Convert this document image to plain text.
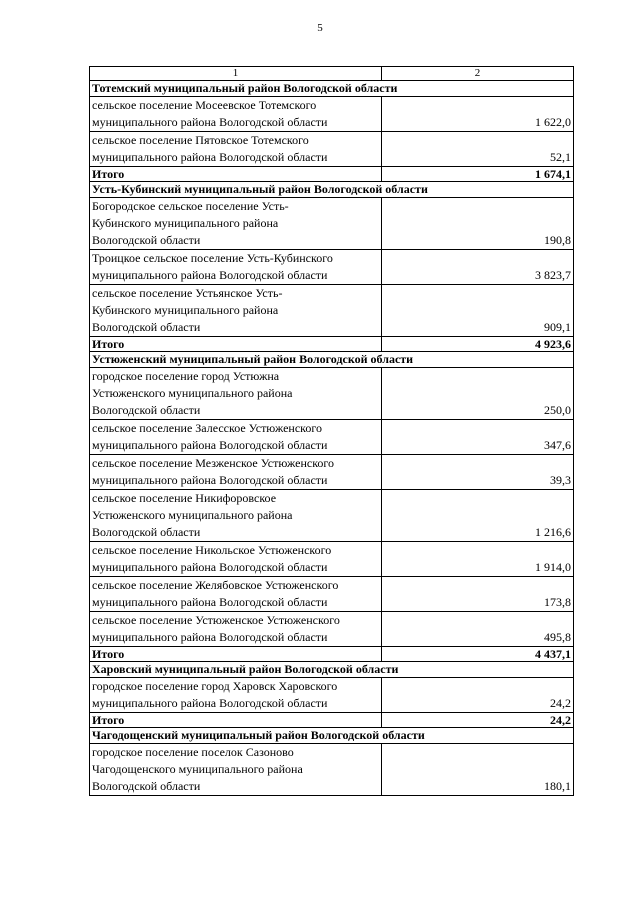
5
1	2
Тотемский муниципальный район Вологодской области	
сельское поселение Мосеевское Тотемского
муниципального района Вологодской области	1 622,0
сельское поселение Пятовское Тотемского
муниципального района Вологодской области	52,1
Итого	1 674,1
Усть-Кубинский муниципальный район Вологодской области	
Богородское сельское поселение Усть-
Кубинского муниципального района
Вологодской области	190,8
Троицкое сельское поселение Усть-Кубинского
муниципального района Вологодской области	3 823,7
сельское поселение Устьянское Усть-
Кубинского муниципального района
Вологодской области	909,1
Итого	4 923,6
Устюженский муниципальный район Вологодской области	
городское поселение город Устюжна
Устюженского муниципального района
Вологодской области	250,0
сельское поселение Залесское Устюженского
муниципального района Вологодской области	347,6
сельское поселение Мезженское Устюженского
муниципального района Вологодской области	39,3
сельское поселение Никифоровское
Устюженского муниципального района
Вологодской области	1 216,6
сельское поселение Никольское Устюженского
муниципального района Вологодской области	1 914,0
сельское поселение Желябовское Устюженского
муниципального района Вологодской области	173,8
сельское поселение Устюженское Устюженского
муниципального района Вологодской области	495,8
Итого	4 437,1
Харовский муниципальный район Вологодской области	
городское поселение город Харовск Харовского
муниципального района Вологодской области	24,2
Итого	24,2
Чагодощенский муниципальный район Вологодской области	
городское поселение поселок Сазоново
Чагодощенского муниципального района
Вологодской области	180,1
